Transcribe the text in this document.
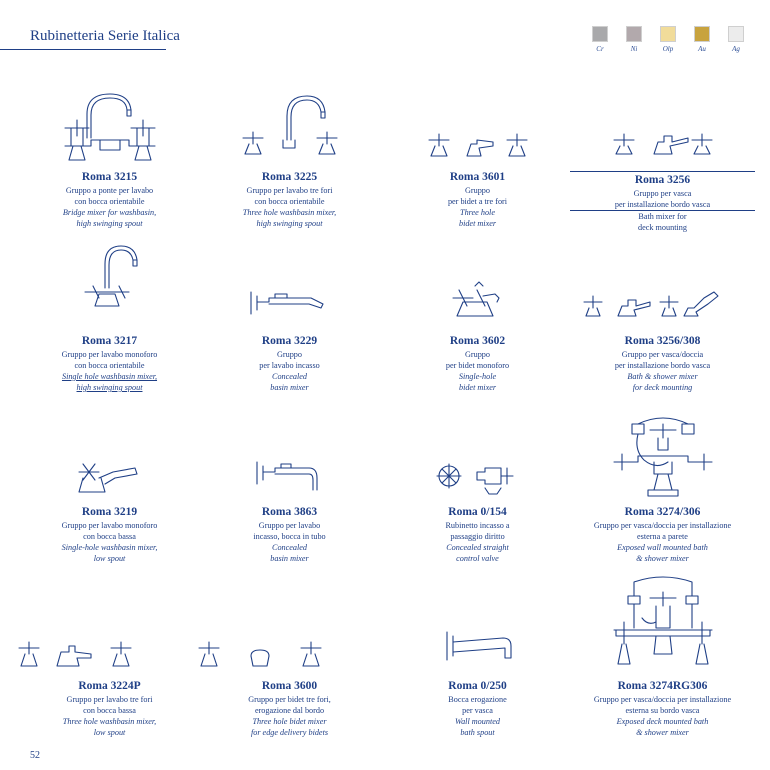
Rubinetteria Serie Italica
Cr	Ni	Olp	Au	Ag
Roma 3215
Gruppo a ponte per lavabo
con bocca orientabile
Bridge mixer for washbasin,
high swinging spout
Roma 3225
Gruppo per lavabo tre fori
con bocca orientabile
Three hole washbasin mixer,
high swinging spout
Roma 3601
Gruppo
per bidet a tre fori
Three hole
bidet mixer
Roma 3256
Gruppo per vasca
per installazione bordo vasca
Bath mixer for
deck mounting
Roma 3217
Gruppo per lavabo monoforo
con bocca orientabile
Single hole washbasin mixer,
high swinging spout
Roma 3229
Gruppo
per lavabo incasso
Concealed
basin mixer
Roma 3602
Gruppo
per bidet monoforo
Single-hole
bidet mixer
Roma 3256/308
Gruppo per vasca/doccia
per installazione bordo vasca
Bath & shower mixer
for deck mounting
Roma 3219
Gruppo per lavabo monoforo
con bocca bassa
Single-hole washbasin mixer,
low spout
Roma 3863
Gruppo per lavabo
incasso, bocca in tubo
Concealed
basin mixer
Roma 0/154
Rubinetto incasso a
passaggio diritto
Concealed straight
control valve
Roma 3274/306
Gruppo per vasca/doccia per installazione
esterna a parete
Exposed wall mounted bath
& shower mixer
Roma 3224P
Gruppo per lavabo tre fori
con bocca bassa
Three hole washbasin mixer,
low spout
Roma 3600
Gruppo per bidet tre fori,
erogazione dal bordo
Three hole bidet mixer
for edge delivery bidets
Roma 0/250
Bocca erogazione
per vasca
Wall mounted
bath spout
Roma 3274RG306
Gruppo per vasca/doccia per installazione
esterna su bordo vasca
Exposed deck mounted bath
& shower mixer
52
